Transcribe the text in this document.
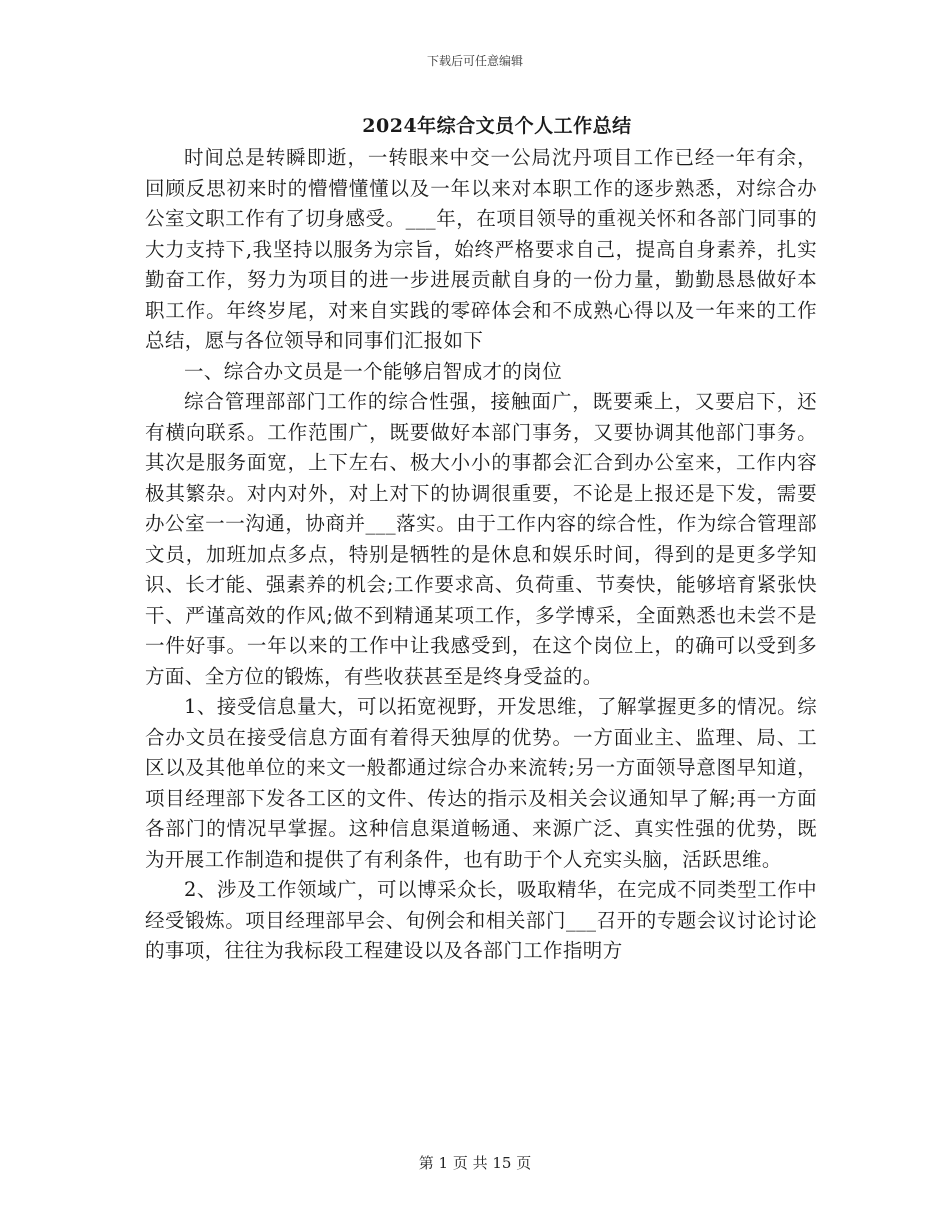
下载后可任意编辑
2024年综合文员个人工作总结

时间总是转瞬即逝，一转眼来中交一公局沈丹项目工作已经一年有余，回顾反思初来时的懵懵懂懂以及一年以来对本职工作的逐步熟悉，对综合办公室文职工作有了切身感受。___年，在项目领导的重视关怀和各部门同事的大力支持下,我坚持以服务为宗旨，始终严格要求自己，提高自身素养，扎实勤奋工作，努力为项目的进一步进展贡献自身的一份力量，勤勤恳恳做好本职工作。年终岁尾，对来自实践的零碎体会和不成熟心得以及一年来的工作总结，愿与各位领导和同事们汇报如下

一、综合办文员是一个能够启智成才的岗位

综合管理部部门工作的综合性强，接触面广，既要乘上，又要启下，还有横向联系。工作范围广，既要做好本部门事务，又要协调其他部门事务。其次是服务面宽，上下左右、极大小小的事都会汇合到办公室来，工作内容极其繁杂。对内对外，对上对下的协调很重要，不论是上报还是下发，需要办公室一一沟通，协商并___落实。由于工作内容的综合性，作为综合管理部文员，加班加点多点，特别是牺牲的是休息和娱乐时间，得到的是更多学知识、长才能、强素养的机会;工作要求高、负荷重、节奏快，能够培育紧张快干、严谨高效的作风;做不到精通某项工作，多学博采，全面熟悉也未尝不是一件好事。一年以来的工作中让我感受到，在这个岗位上，的确可以受到多方面、全方位的锻炼，有些收获甚至是终身受益的。

1、接受信息量大，可以拓宽视野，开发思维，了解掌握更多的情况。综合办文员在接受信息方面有着得天独厚的优势。一方面业主、监理、局、工区以及其他单位的来文一般都通过综合办来流转;另一方面领导意图早知道，项目经理部下发各工区的文件、传达的指示及相关会议通知早了解;再一方面各部门的情况早掌握。这种信息渠道畅通、来源广泛、真实性强的优势，既为开展工作制造和提供了有利条件，也有助于个人充实头脑，活跃思维。

2、涉及工作领域广，可以博采众长，吸取精华，在完成不同类型工作中经受锻炼。项目经理部早会、旬例会和相关部门___召开的专题会议讨论讨论的事项，往往为我标段工程建设以及各部门工作指明方

第 1 页 共 15 页
